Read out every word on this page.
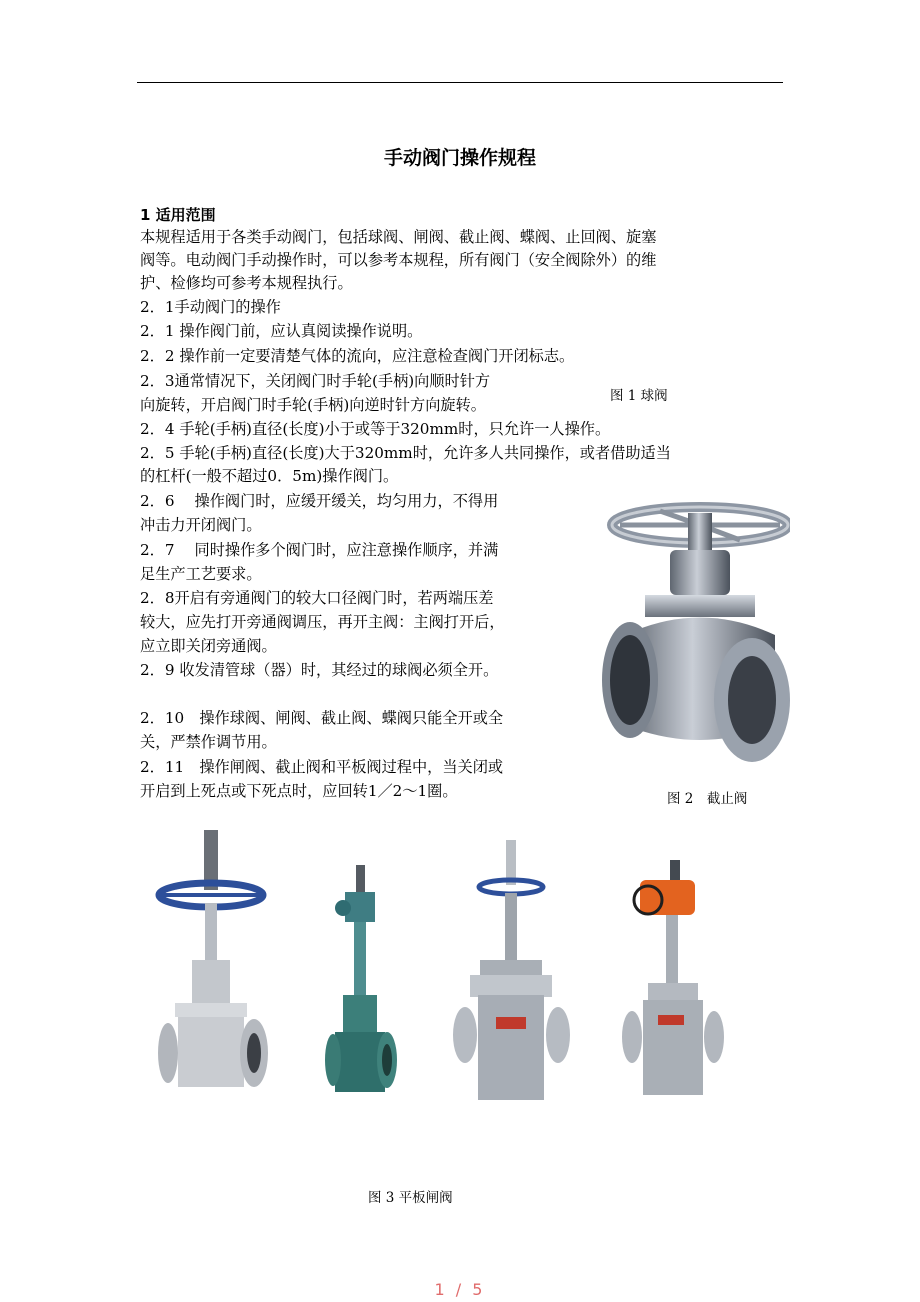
手动阀门操作规程
1 适用范围
本规程适用于各类手动阀门，包括球阀、闸阀、截止阀、蝶阀、止回阀、旋塞
阀等。电动阀门手动操作时，可以参考本规程，所有阀门（安全阀除外）的维
护、检修均可参考本规程执行。
2．1手动阀门的操作
2．1 操作阀门前，应认真阅读操作说明。
2．2 操作前一定要清楚气体的流向，应注意检查阀门开闭标志。
2．3通常情况下，关闭阀门时手轮(手柄)向顺时针方
向旋转，开启阀门时手轮(手柄)向逆时针方向旋转。
2．4 手轮(手柄)直径(长度)小于或等于320mm时，只允许一人操作。
2．5 手轮(手柄)直径(长度)大于320mm时，允许多人共同操作，或者借助适当
的杠杆(一般不超过0．5m)操作阀门。
2．6　 操作阀门时，应缓开缓关，均匀用力，不得用
冲击力开闭阀门。
2．7　 同时操作多个阀门时，应注意操作顺序，并满
足生产工艺要求。
2．8开启有旁通阀门的较大口径阀门时，若两端压差
较大，应先打开旁通阀调压，再开主阀：主阀打开后，
应立即关闭旁通阀。
2．9 收发清管球（器）时，其经过的球阀必须全开。
2．10　操作球阀、闸阀、截止阀、蝶阀只能全开或全
关，严禁作调节用。
2．11　操作闸阀、截止阀和平板阀过程中，当关闭或
开启到上死点或下死点时，应回转1／2～1圈。
图 1 球阀
图 2　截止阀
图 3 平板闸阀
1 / 5
